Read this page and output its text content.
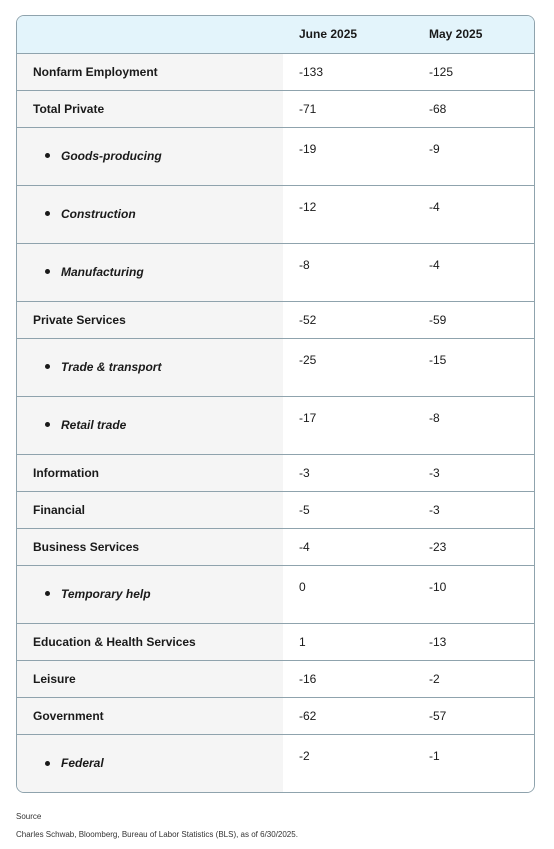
	June 2025	May 2025
Nonfarm Employment	-133	-125
Total Private	-71	-68
Goods-producing	-19	-9
Construction	-12	-4
Manufacturing	-8	-4
Private Services	-52	-59
Trade & transport	-25	-15
Retail trade	-17	-8
Information	-3	-3
Financial	-5	-3
Business Services	-4	-23
Temporary help	0	-10
Education & Health Services	1	-13
Leisure	-16	-2
Government	-62	-57
Federal	-2	-1
Source
Charles Schwab, Bloomberg, Bureau of Labor Statistics (BLS), as of 6/30/2025.
